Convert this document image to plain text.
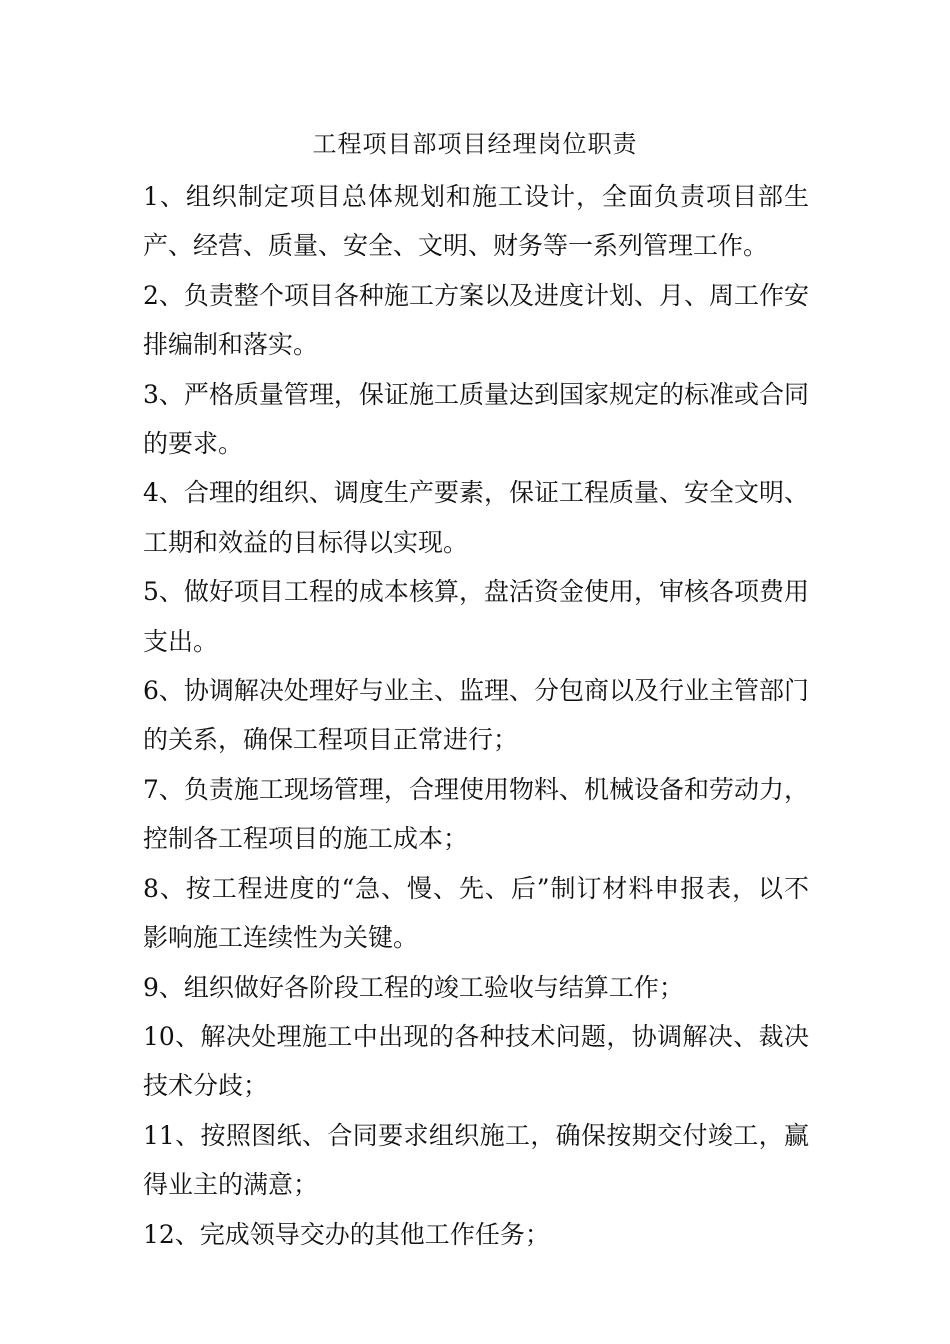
工程项目部项目经理岗位职责

1、组织制定项目总体规划和施工设计，全面负责项目部生产、经营、质量、安全、文明、财务等一系列管理工作。

2、负责整个项目各种施工方案以及进度计划、月、周工作安排编制和落实。

3、严格质量管理，保证施工质量达到国家规定的标准或合同的要求。

4、合理的组织、调度生产要素，保证工程质量、安全文明、工期和效益的目标得以实现。

5、做好项目工程的成本核算，盘活资金使用，审核各项费用支出。

6、协调解决处理好与业主、监理、分包商以及行业主管部门的关系，确保工程项目正常进行；

7、负责施工现场管理，合理使用物料、机械设备和劳动力，控制各工程项目的施工成本；

8、按工程进度的“急、慢、先、后”制订材料申报表，以不影响施工连续性为关键。

9、组织做好各阶段工程的竣工验收与结算工作；

10、解决处理施工中出现的各种技术问题，协调解决、裁决技术分歧；

11、按照图纸、合同要求组织施工，确保按期交付竣工，赢得业主的满意；

12、完成领导交办的其他工作任务；
